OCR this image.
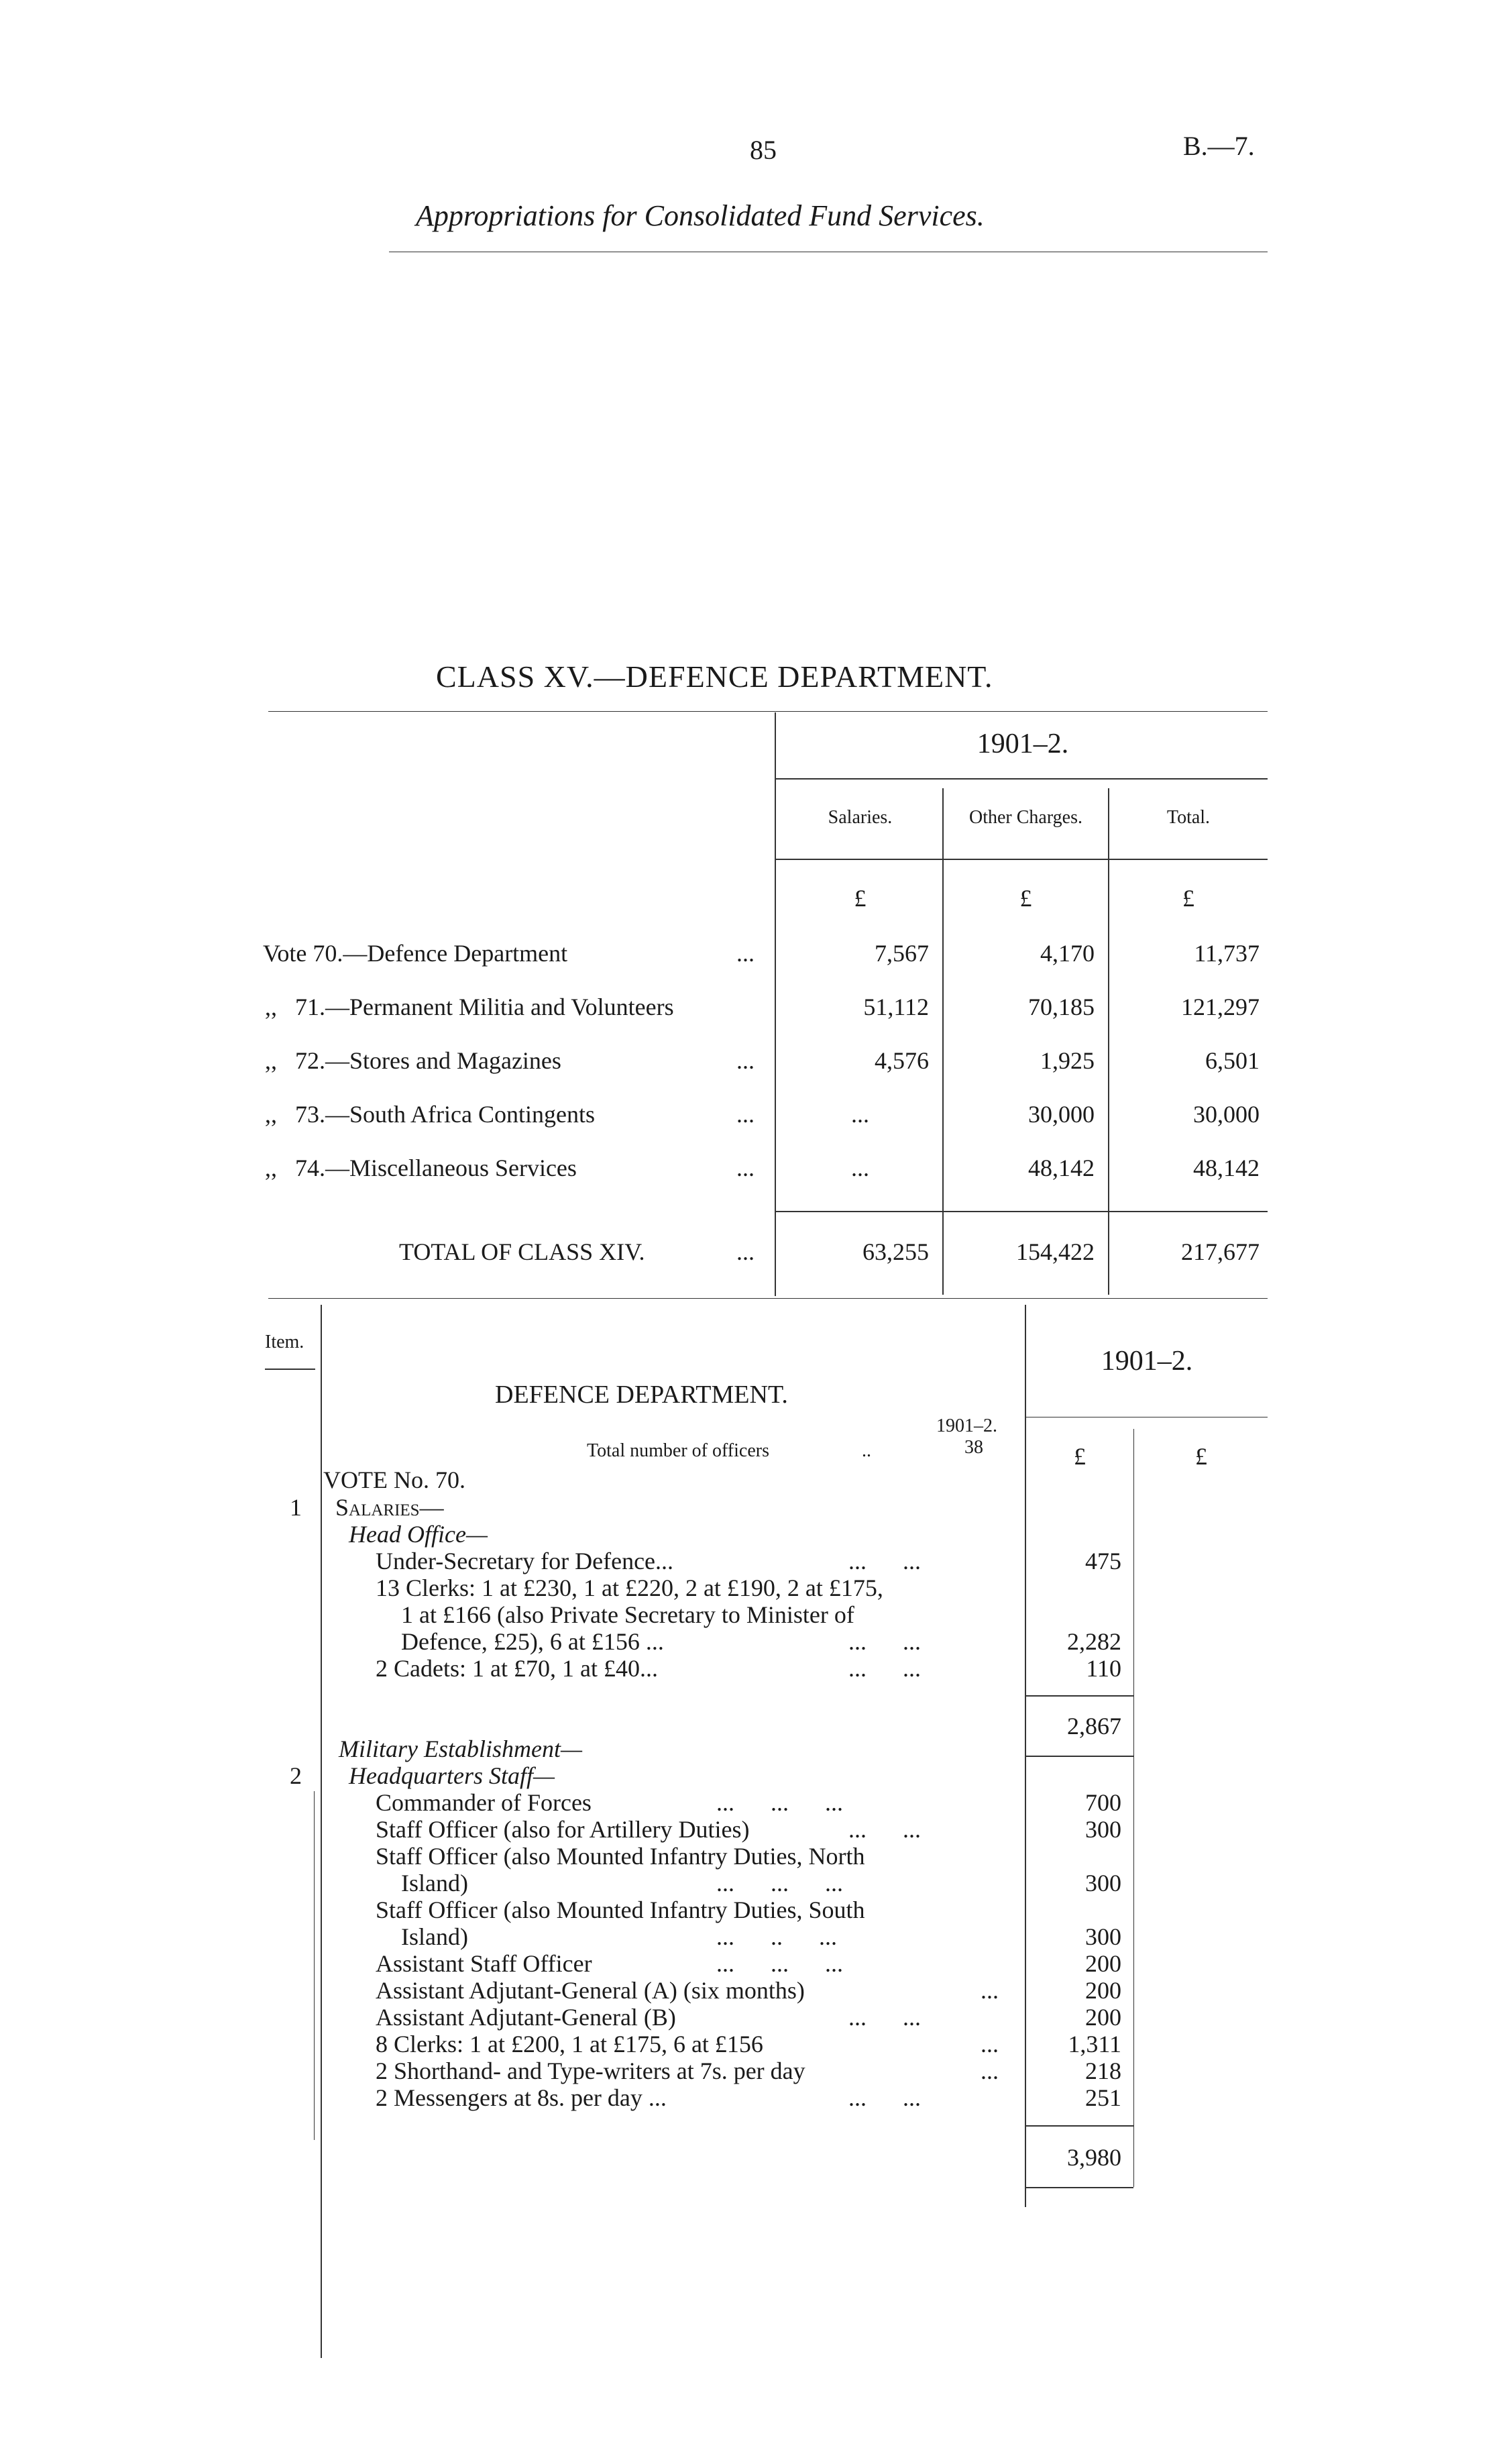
85	B.—7.
Appropriations for Consolidated Fund Services.
CLASS XV.—DEFENCE DEPARTMENT.
1901–2.
Salaries.	Other Charges.	Total.
£	£	£
Vote 70.—Defence Department	...	7,567	4,170	11,737
,,   71.—Permanent Militia and Volunteers	51,112	70,185	121,297
,,   72.—Stores and Magazines	...	4,576	1,925	6,501
,,   73.—South Africa Contingents	...	...	30,000	30,000
,,   74.—Miscellaneous Services	...	...	48,142	48,142
TOTAL OF CLASS XIV.	...	63,255	154,422	217,677
Item.
1901–2.
DEFENCE DEPARTMENT.
1901–2.
Total number of officers	..	38	£	£
VOTE No. 70.
1 Salaries—
Head Office—
Under-Secretary for Defence...	...      ...	475
13 Clerks: 1 at £230, 1 at £220, 2 at £190, 2 at £175,
1 at £166 (also Private Secretary to Minister of
Defence, £25), 6 at £156 ...	...      ...	2,282
2 Cadets: 1 at £70, 1 at £40...	...      ...	110
2,867
Military Establishment—
2 Headquarters Staff—
Commander of Forces	...      ...      ...	700
Staff Officer (also for Artillery Duties)	...      ...	300
Staff Officer (also Mounted Infantry Duties, North
Island)	...      ...      ...	300
Staff Officer (also Mounted Infantry Duties, South
Island)	...      ..      ...	300
Assistant Staff Officer	...      ...      ...	200
Assistant Adjutant-General (A) (six months)	...	200
Assistant Adjutant-General (B)	...      ...	200
8 Clerks: 1 at £200, 1 at £175, 6 at £156	...	1,311
2 Shorthand- and Type-writers at 7s. per day	...	218
2 Messengers at 8s. per day ...	...      ...	251
3,980
